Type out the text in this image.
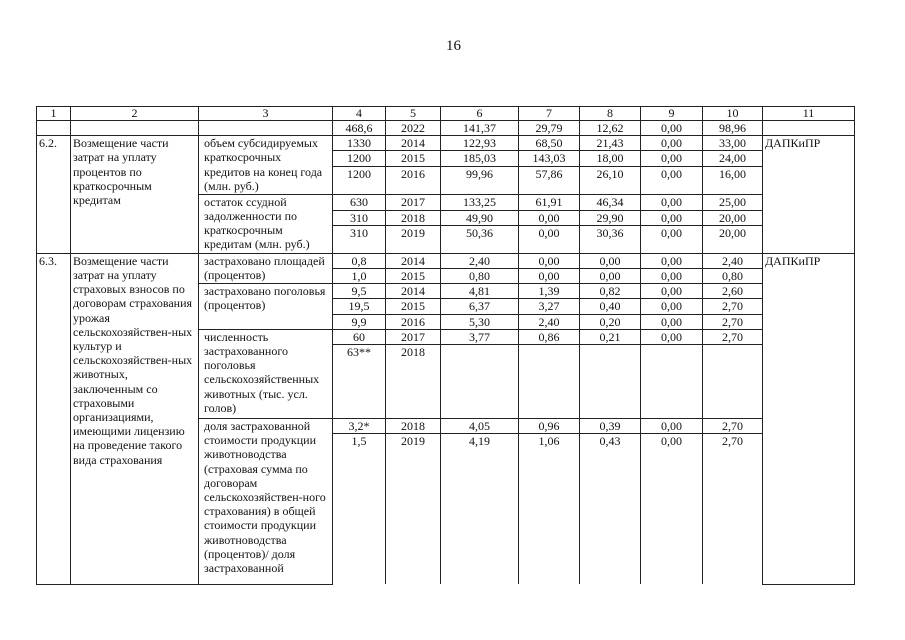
16
1	2	3	4	5	6	7	8	9	10	11
			468,6	2022	141,37	29,79	12,62	0,00	98,96	
6.2.	Возмещение части затрат на уплату процентов по краткосрочным кредитам	объем субсидируемых краткосрочных кредитов на конец года (млн. руб.)	1330	2014	122,93	68,50	21,43	0,00	33,00	ДАПКиПР
			1200	2015	185,03	143,03	18,00	0,00	24,00	
			1200	2016	99,96	57,86	26,10	0,00	16,00	
		остаток ссудной задолженности по краткосрочным кредитам (млн. руб.)	630	2017	133,25	61,91	46,34	0,00	25,00	
			310	2018	49,90	0,00	29,90	0,00	20,00	
			310	2019	50,36	0,00	30,36	0,00	20,00	
6.3.	Возмещение части затрат на уплату страховых взносов по договорам страхования урожая сельскохозяйствен-ных культур и сельскохозяйствен-ных животных, заключенным со страховыми организациями, имеющими лицензию на проведение такого вида страхования	застраховано площадей (процентов)	0,8	2014	2,40	0,00	0,00	0,00	2,40	ДАПКиПР
			1,0	2015	0,80	0,00	0,00	0,00	0,80	
		застраховано поголовья (процентов)	9,5	2014	4,81	1,39	0,82	0,00	2,60	
			19,5	2015	6,37	3,27	0,40	0,00	2,70	
			9,9	2016	5,30	2,40	0,20	0,00	2,70	
		численность застрахованного поголовья сельскохозяйственных животных (тыс. усл. голов)	60	2017	3,77	0,86	0,21	0,00	2,70	
			63**	2018						
		доля застрахованной стоимости продукции животноводства (страховая сумма по договорам сельскохозяйствен-ного страхования) в общей стоимости продукции животноводства (процентов)/ доля застрахованной	3,2*	2018	4,05	0,96	0,39	0,00	2,70	
			1,5	2019	4,19	1,06	0,43	0,00	2,70	
